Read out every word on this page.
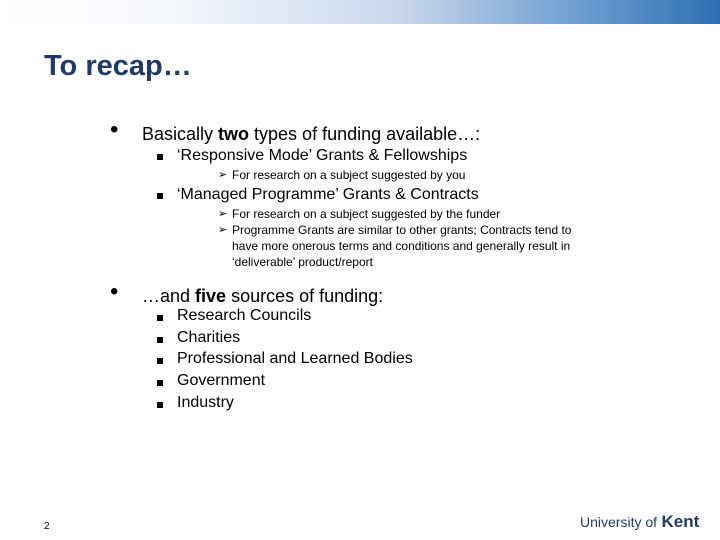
To recap…
• Basically two types of funding available…:
‘Responsive Mode’ Grants & Fellowships
➢ For research on a subject suggested by you
‘Managed Programme’ Grants & Contracts
➢ For research on a subject suggested by the funder
➢ Programme Grants are similar to other grants; Contracts tend to
have more onerous terms and conditions and generally result in
‘deliverable’ product/report
• …and five sources of funding:
Research Councils
Charities
Professional and Learned Bodies
Government
Industry
2	University of Kent
